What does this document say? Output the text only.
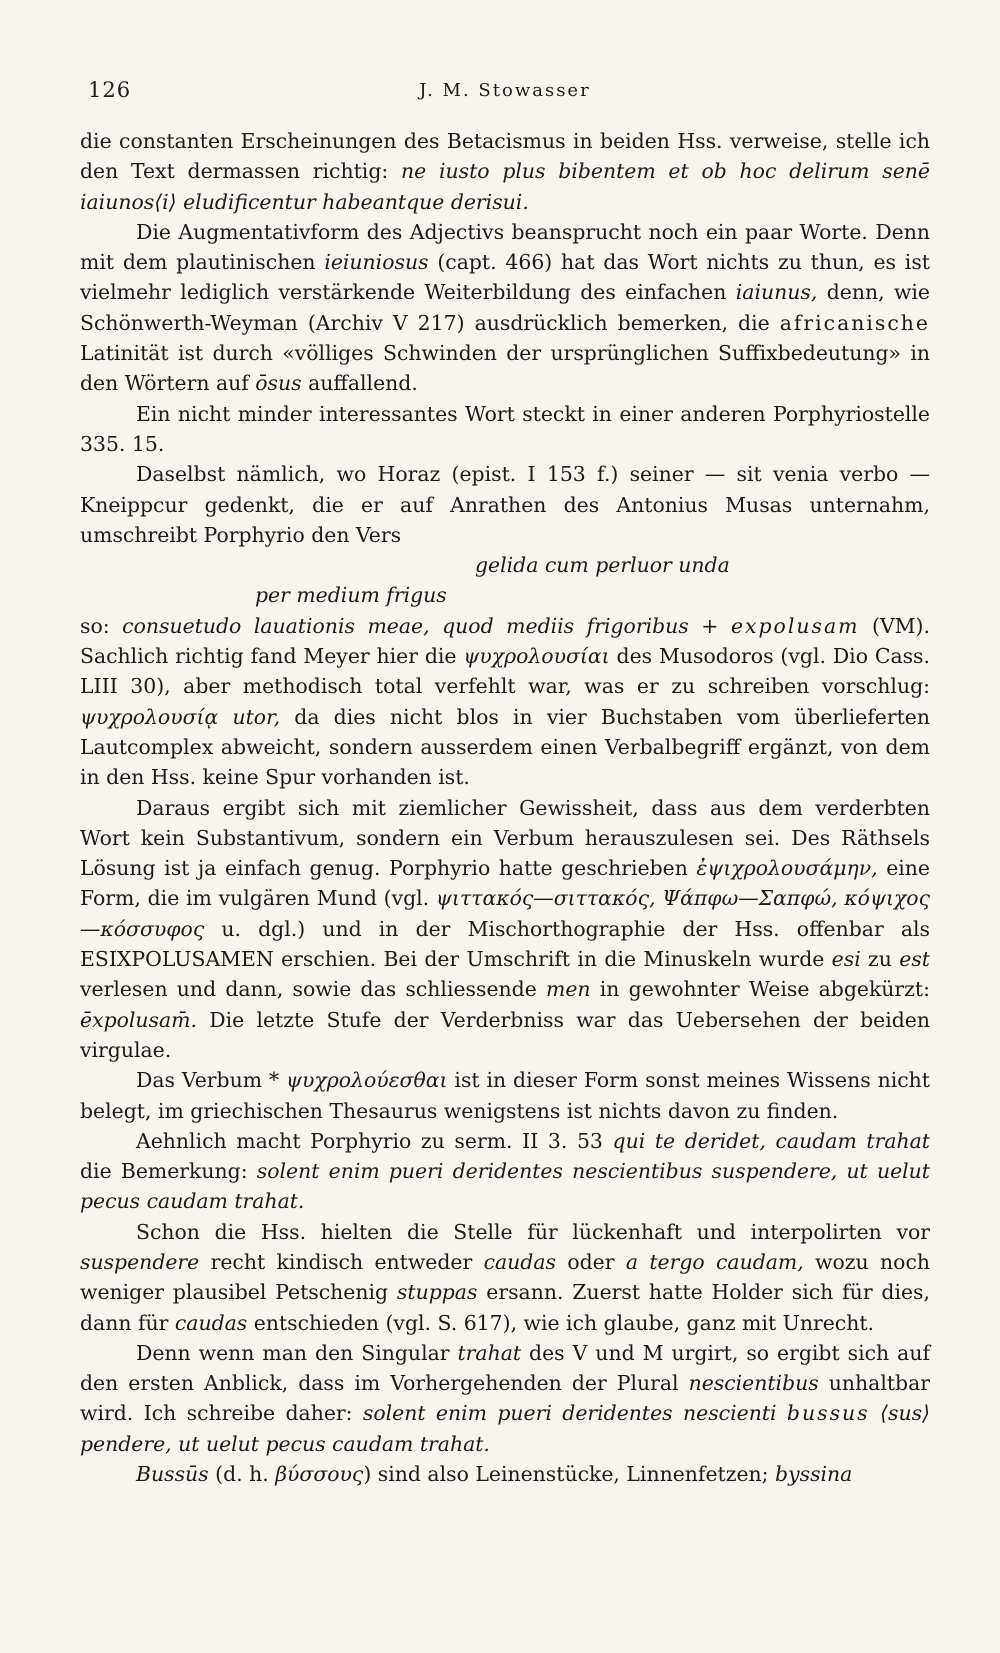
126	J. M. Stowasser

die constanten Erscheinungen des Betacismus in beiden Hss. verweise, stelle ich den Text dermassen richtig: ne iusto plus bibentem et ob hoc delirum senē iaiunos⟨i⟩ eludificentur habeantque derisui.

Die Augmentativform des Adjectivs beansprucht noch ein paar Worte. Denn mit dem plautinischen ieiuniosus (capt. 466) hat das Wort nichts zu thun, es ist vielmehr lediglich verstärkende Weiterbildung des einfachen iaiunus, denn, wie Schönwerth-Weyman (Archiv V 217) ausdrücklich bemerken, die africanische Latinität ist durch «völliges Schwinden der ursprünglichen Suffixbedeutung» in den Wörtern auf ōsus auffallend.

Ein nicht minder interessantes Wort steckt in einer anderen Porphyriostelle 335. 15.

Daselbst nämlich, wo Horaz (epist. I 153 f.) seiner — sit venia verbo — Kneippcur gedenkt, die er auf Anrathen des Antonius Musas unternahm, umschreibt Porphyrio den Vers

gelida cum perluor unda

per medium frigus

so: consuetudo lauationis meae, quod mediis frigoribus + expolusam (VM). Sachlich richtig fand Meyer hier die ψυχρολουσίαι des Musodoros (vgl. Dio Cass. LIII 30), aber methodisch total verfehlt war, was er zu schreiben vorschlug: ψυχρολουσίᾳ utor, da dies nicht blos in vier Buchstaben vom überlieferten Lautcomplex abweicht, sondern ausserdem einen Verbalbegriff ergänzt, von dem in den Hss. keine Spur vorhanden ist.

Daraus ergibt sich mit ziemlicher Gewissheit, dass aus dem verderbten Wort kein Substantivum, sondern ein Verbum herauszulesen sei. Des Räthsels Lösung ist ja einfach genug. Porphyrio hatte geschrieben ἐψιχρολουσάμην, eine Form, die im vulgären Mund (vgl. ψιττακός—σιττακός, Ψάπφω—Σαπφώ, κόψιχος—κόσσυφος u. dgl.) und in der Mischorthographie der Hss. offenbar als ESIXPOLUSAMEN erschien. Bei der Umschrift in die Minuskeln wurde esi zu est verlesen und dann, sowie das schliessende men in gewohnter Weise abgekürzt: ē̄xpolusam̄. Die letzte Stufe der Verderbniss war das Uebersehen der beiden virgulae.

Das Verbum * ψυχρολούεσθαι ist in dieser Form sonst meines Wissens nicht belegt, im griechischen Thesaurus wenigstens ist nichts davon zu finden.

Aehnlich macht Porphyrio zu serm. II 3. 53 qui te deridet, caudam trahat die Bemerkung: solent enim pueri deridentes nescientibus suspendere, ut uelut pecus caudam trahat.

Schon die Hss. hielten die Stelle für lückenhaft und interpolirten vor suspendere recht kindisch entweder caudas oder a tergo caudam, wozu noch weniger plausibel Petschenig stuppas ersann. Zuerst hatte Holder sich für dies, dann für caudas entschieden (vgl. S. 617), wie ich glaube, ganz mit Unrecht.

Denn wenn man den Singular trahat des V und M urgirt, so ergibt sich auf den ersten Anblick, dass im Vorhergehenden der Plural nescientibus unhaltbar wird. Ich schreibe daher: solent enim pueri deridentes nescienti bussus ⟨sus⟩pendere, ut uelut pecus caudam trahat.

Bussūs (d. h. βύσσους) sind also Leinenstücke, Linnenfetzen; byssina
